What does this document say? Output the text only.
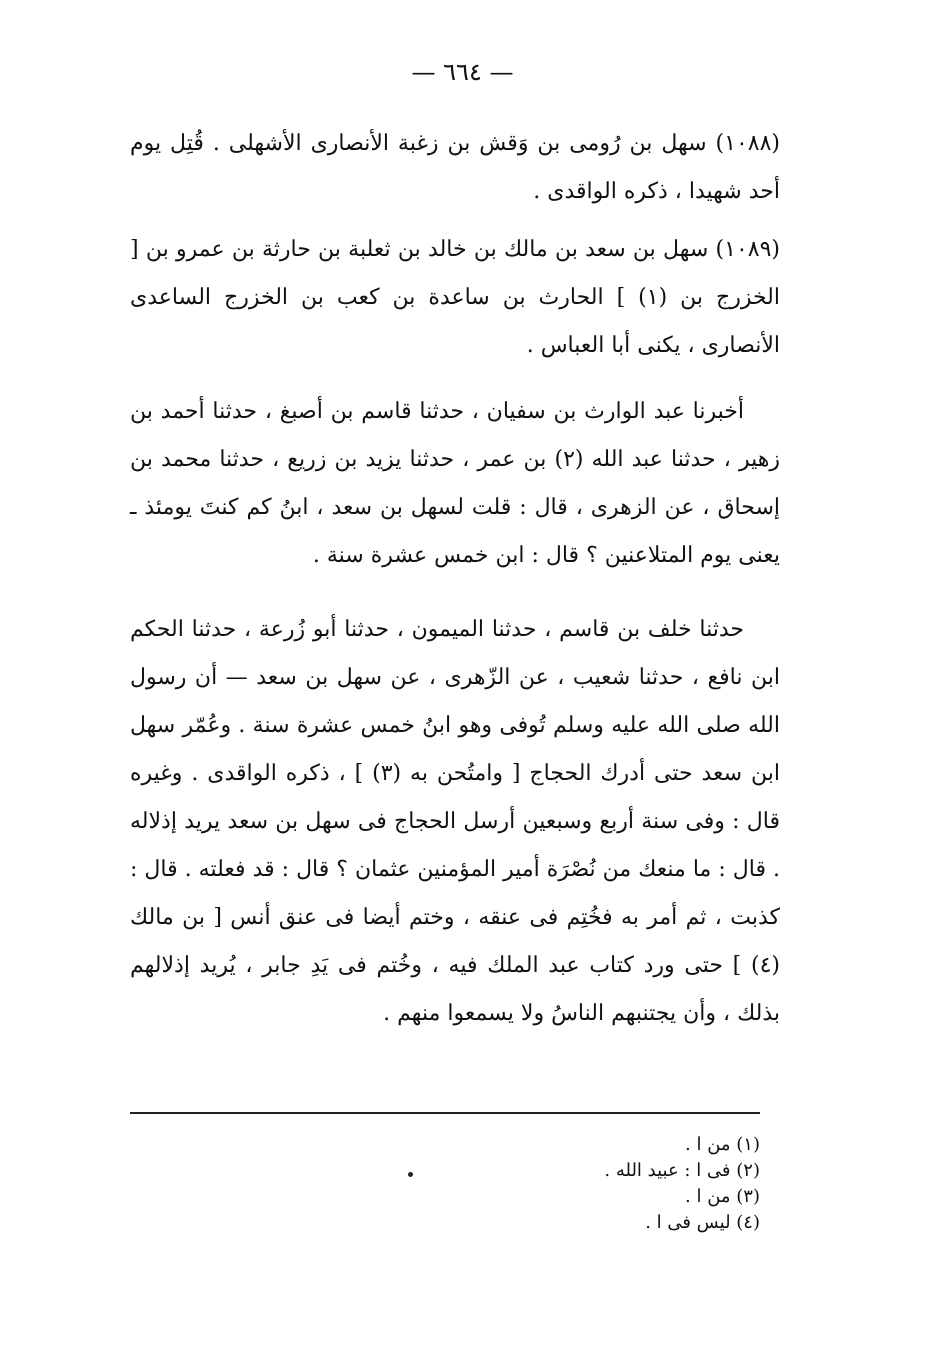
— ٦٦٤ —

(١٠٨٨) سهل بن رُومى بن وَقش بن زغبة الأنصارى الأشهلى . قُتِل يوم أحد شهيدا ، ذكره الواقدى .

(١٠٨٩) سهل بن سعد بن مالك بن خالد بن ثعلبة بن حارثة بن عمرو بن [ الخزرج بن (١) ] الحارث بن ساعدة بن كعب بن الخزرج الساعدى الأنصارى ، يكنى أبا العباس .

أخبرنا عبد الوارث بن سفيان ، حدثنا قاسم بن أصبغ ، حدثنا أحمد بن زهير ، حدثنا عبد الله (٢) بن عمر ، حدثنا يزيد بن زريع ، حدثنا محمد بن إسحاق ، عن الزهرى ، قال : قلت لسهل بن سعد ، ابنُ كم كنتَ يومئذ ـ يعنى يوم المتلاعنين ؟ قال : ابن خمس عشرة سنة .

حدثنا خلف بن قاسم ، حدثنا الميمون ، حدثنا أبو زُرعة ، حدثنا الحكم ابن نافع ، حدثنا شعيب ، عن الزّهرى ، عن سهل بن سعد — أن رسول الله صلى الله عليه وسلم تُوفى وهو ابنُ خمس عشرة سنة . وعُمّر سهل ابن سعد حتى أدرك الحجاج [ وامتُحن به (٣) ] ، ذكره الواقدى . وغيره قال : وفى سنة أربع وسبعين أرسل الحجاج فى سهل بن سعد يريد إذلاله . قال : ما منعك من نُصْرَة أمير المؤمنين عثمان ؟ قال : قد فعلته . قال : كذبت ، ثم أمر به فخُتِم فى عنقه ، وختم أيضا فى عنق أنس [ بن مالك (٤) ] حتى ورد كتاب عبد الملك فيه ، وخُتم فى يَدِ جابر ، يُريد إذلالهم بذلك ، وأن يجتنبهم الناسُ ولا يسمعوا منهم .

(١) من ا .

(٢) فى ا : عبيد الله .

(٣) من ا .

(٤) ليس فى ا .
